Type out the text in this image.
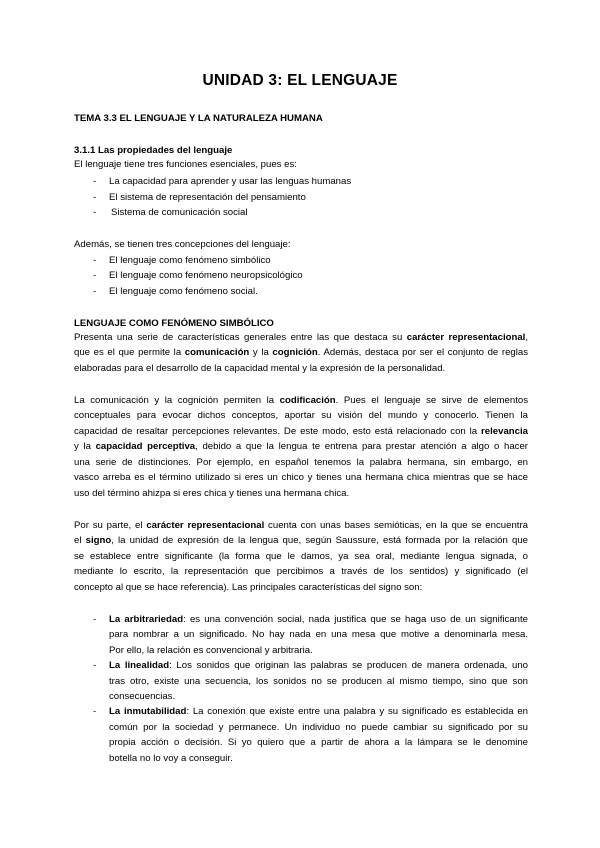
UNIDAD 3: EL LENGUAJE
TEMA 3.3 EL LENGUAJE Y LA NATURALEZA HUMANA
3.1.1 Las propiedades del lenguaje
El lenguaje tiene tres funciones esenciales, pues es:
- La capacidad para aprender y usar las lenguas humanas
- El sistema de representación del pensamiento
- Sistema de comunicación social
Además, se tienen tres concepciones del lenguaje:
- El lenguaje como fenómeno simbólico
- El lenguaje como fenómeno neuropsicológico
- El lenguaje como fenómeno social.
LENGUAJE COMO FENÓMENO SIMBÓLICO
Presenta una serie de características generales entre las que destaca su carácter representacional,
que es el que permite la comunicación y la cognición. Además, destaca por ser el conjunto de reglas
elaboradas para el desarrollo de la capacidad mental y la expresión de la personalidad.
La comunicación y la cognición permiten la codificación. Pues el lenguaje se sirve de elementos
conceptuales para evocar dichos conceptos, aportar su visión del mundo y conocerlo. Tienen la
capacidad de resaltar percepciones relevantes. De este modo, esto está relacionado con la relevancia
y la capacidad perceptiva, debido a que la lengua te entrena para prestar atención a algo o hacer
una serie de distinciones. Por ejemplo, en español tenemos la palabra hermana, sin embargo, en
vasco arreba es el término utilizado si eres un chico y tienes una hermana chica mientras que se hace
uso del término ahizpa si eres chica y tienes una hermana chica.
Por su parte, el carácter representacional cuenta con unas bases semióticas, en la que se encuentra
el signo, la unidad de expresión de la lengua que, según Saussure, está formada por la relación que
se establece entre significante (la forma que le damos, ya sea oral, mediante lengua signada, o
mediante lo escrito, la representación que percibimos a través de los sentidos) y significado (el
concepto al que se hace referencia). Las principales características del signo son:
- La arbitrariedad: es una convención social, nada justifica que se haga uso de un significante
para nombrar a un significado. No hay nada en una mesa que motive a denominarla mesa.
Por ello, la relación es convencional y arbitraria.
- La linealidad: Los sonidos que originan las palabras se producen de manera ordenada, uno
tras otro, existe una secuencia, los sonidos no se producen al mismo tiempo, sino que son
consecuencias.
- La inmutabilidad: La conexión que existe entre una palabra y su significado es establecida en
común por la sociedad y permanece. Un individuo no puede cambiar su significado por su
propia acción o decisión. Si yo quiero que a partir de ahora a la lámpara se le denomine
botella no lo voy a conseguir.
